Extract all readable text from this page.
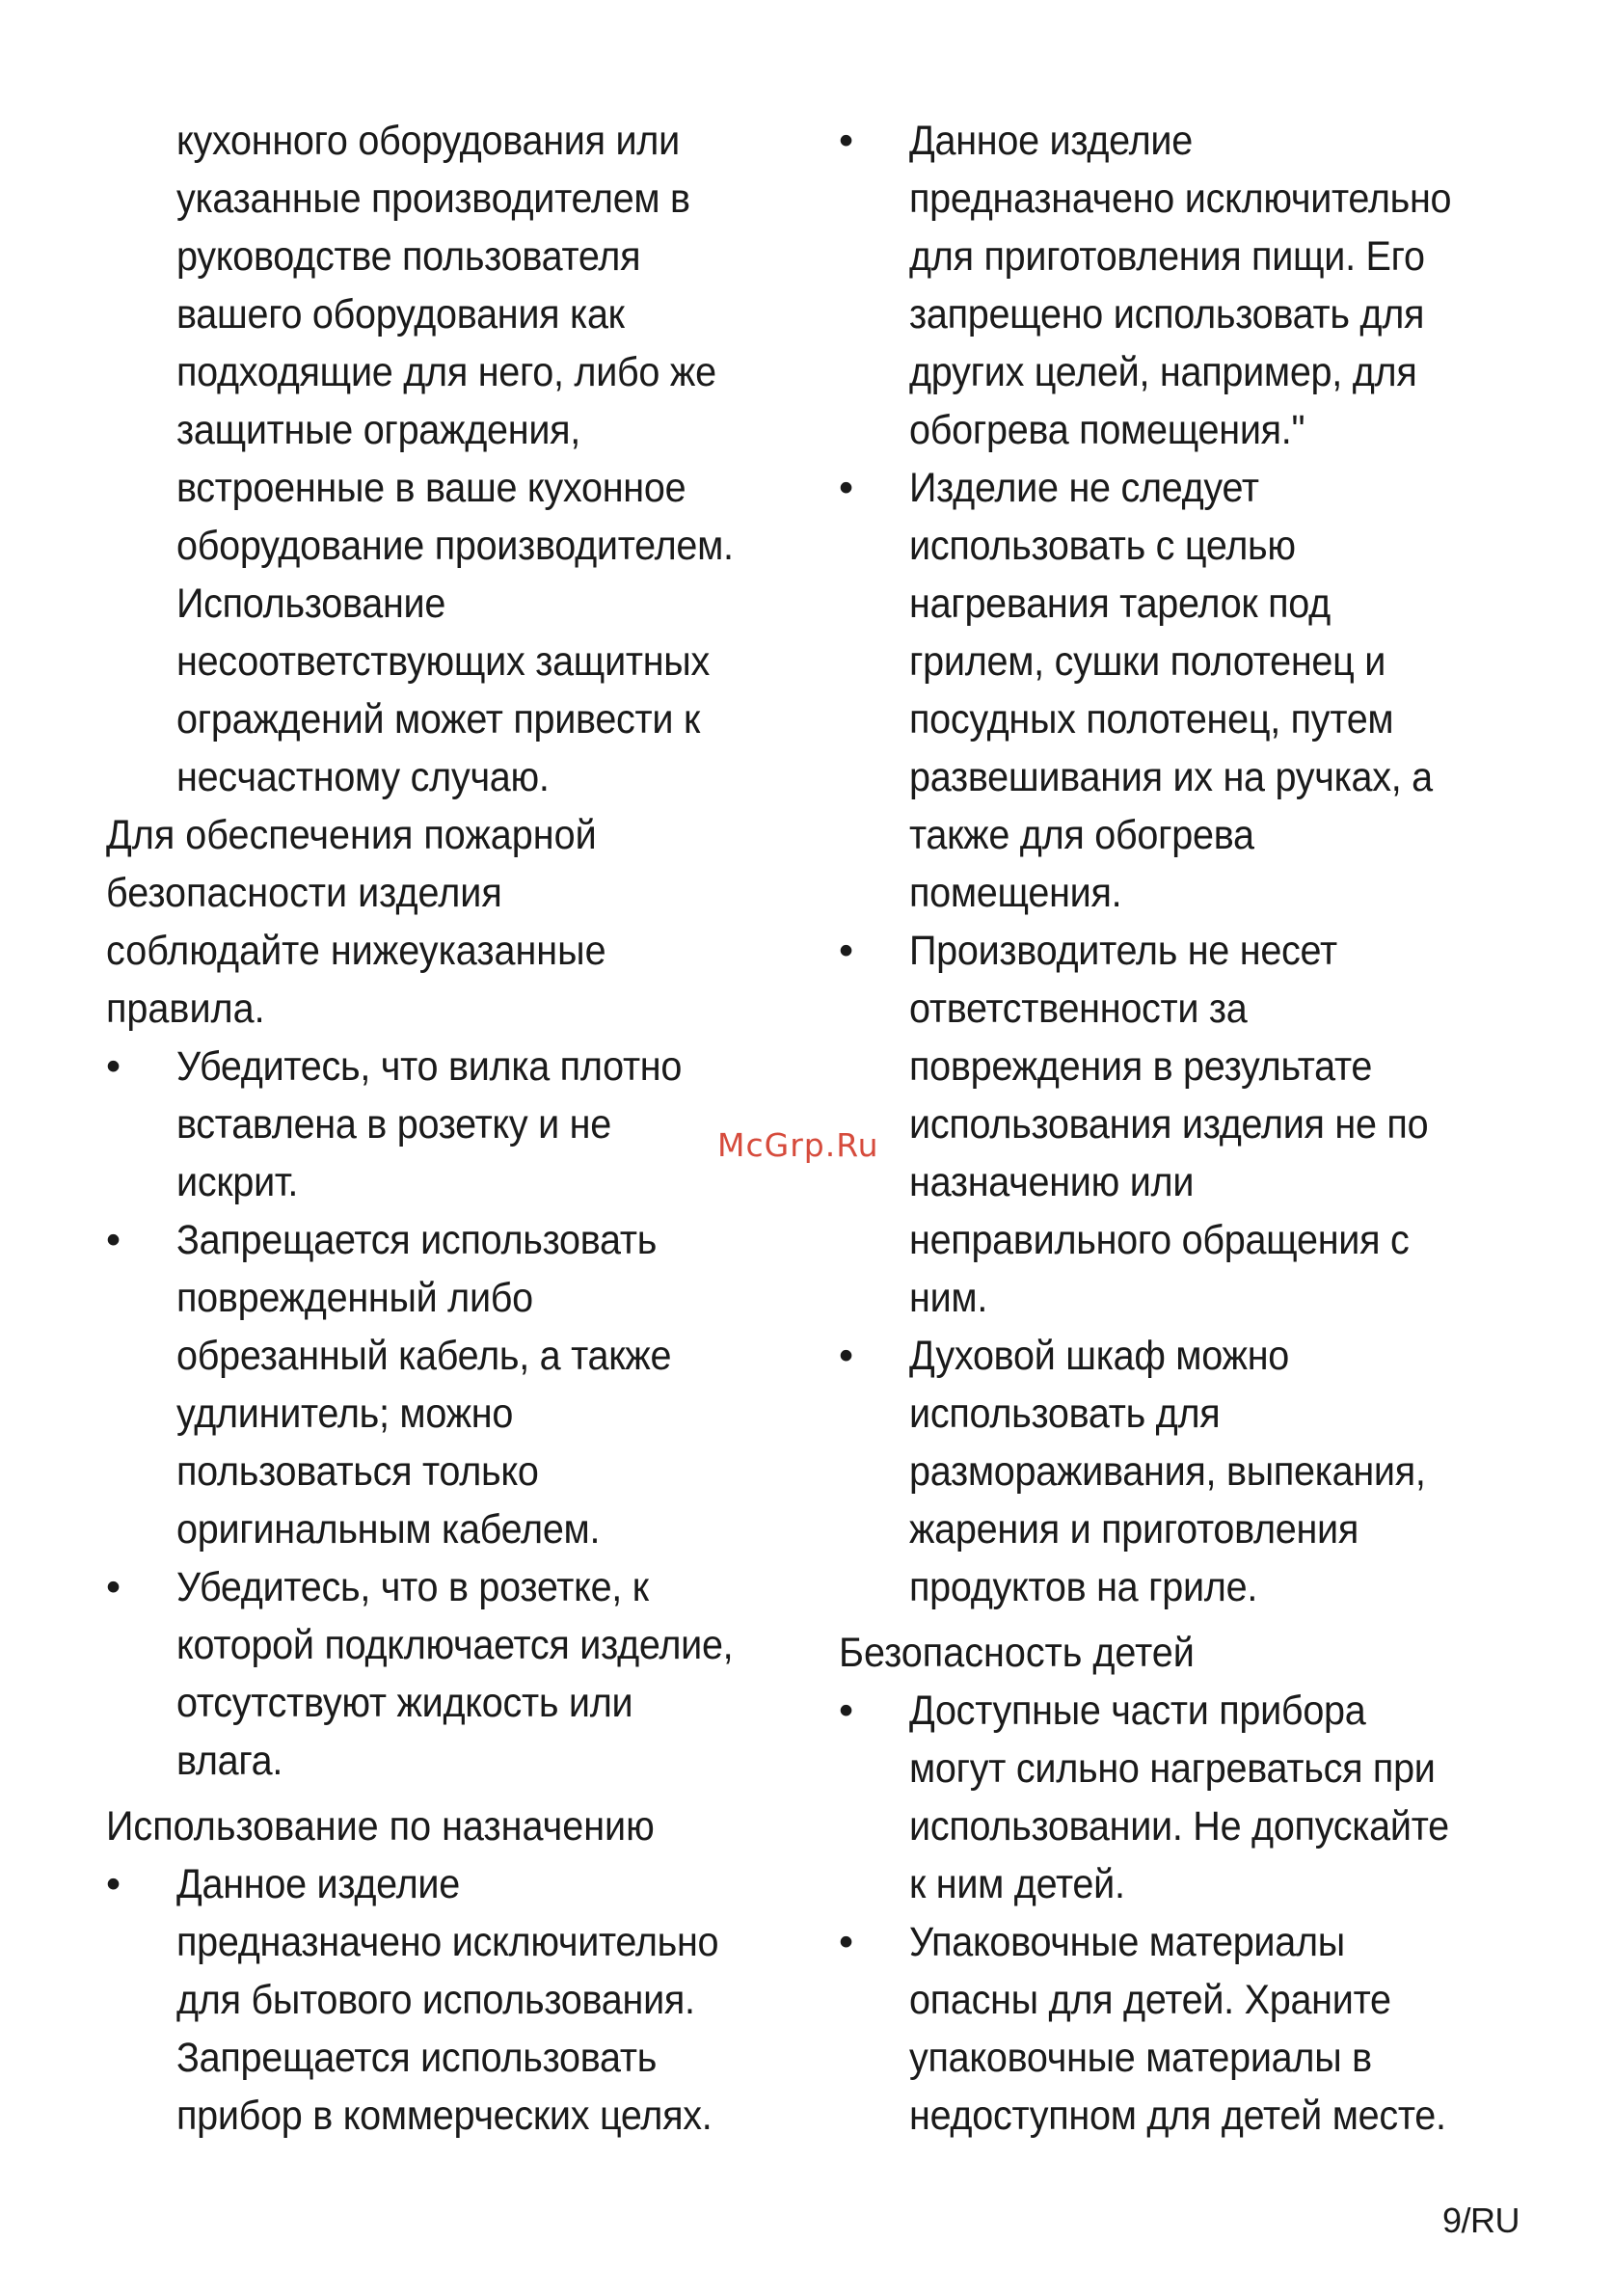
кухонного оборудования или
указанные производителем в
руководстве пользователя
вашего оборудования как
подходящие для него, либо же
защитные ограждения,
встроенные в ваше кухонное
оборудование производителем.
Использование
несоответствующих защитных
ограждений может привести к
несчастному случаю.
Для обеспечения пожарной
безопасности изделия
соблюдайте нижеуказанные
правила.
• Убедитесь, что вилка плотно
вставлена в розетку и не
искрит.
• Запрещается использовать
поврежденный либо
обрезанный кабель, а также
удлинитель; можно
пользоваться только
оригинальным кабелем.
• Убедитесь, что в розетке, к
которой подключается изделие,
отсутствуют жидкость или
влага.
Использование по назначению
• Данное изделие
предназначено исключительно
для бытового использования.
Запрещается использовать
прибор в коммерческих целях.
• Данное изделие
предназначено исключительно
для приготовления пищи. Его
запрещено использовать для
других целей, например, для
обогрева помещения."
• Изделие не следует
использовать с целью
нагревания тарелок под
грилем, сушки полотенец и
посудных полотенец, путем
развешивания их на ручках, а
также для обогрева
помещения.
• Производитель не несет
ответственности за
повреждения в результате
использования изделия не по
назначению или
неправильного обращения с
ним.
• Духовой шкаф можно
использовать для
размораживания, выпекания,
жарения и приготовления
продуктов на гриле.
Безопасность детей
• Доступные части прибора
могут сильно нагреваться при
использовании. Не допускайте
к ним детей.
• Упаковочные материалы
опасны для детей. Храните
упаковочные материалы в
недоступном для детей месте.
McGrp.Ru
9/RU
